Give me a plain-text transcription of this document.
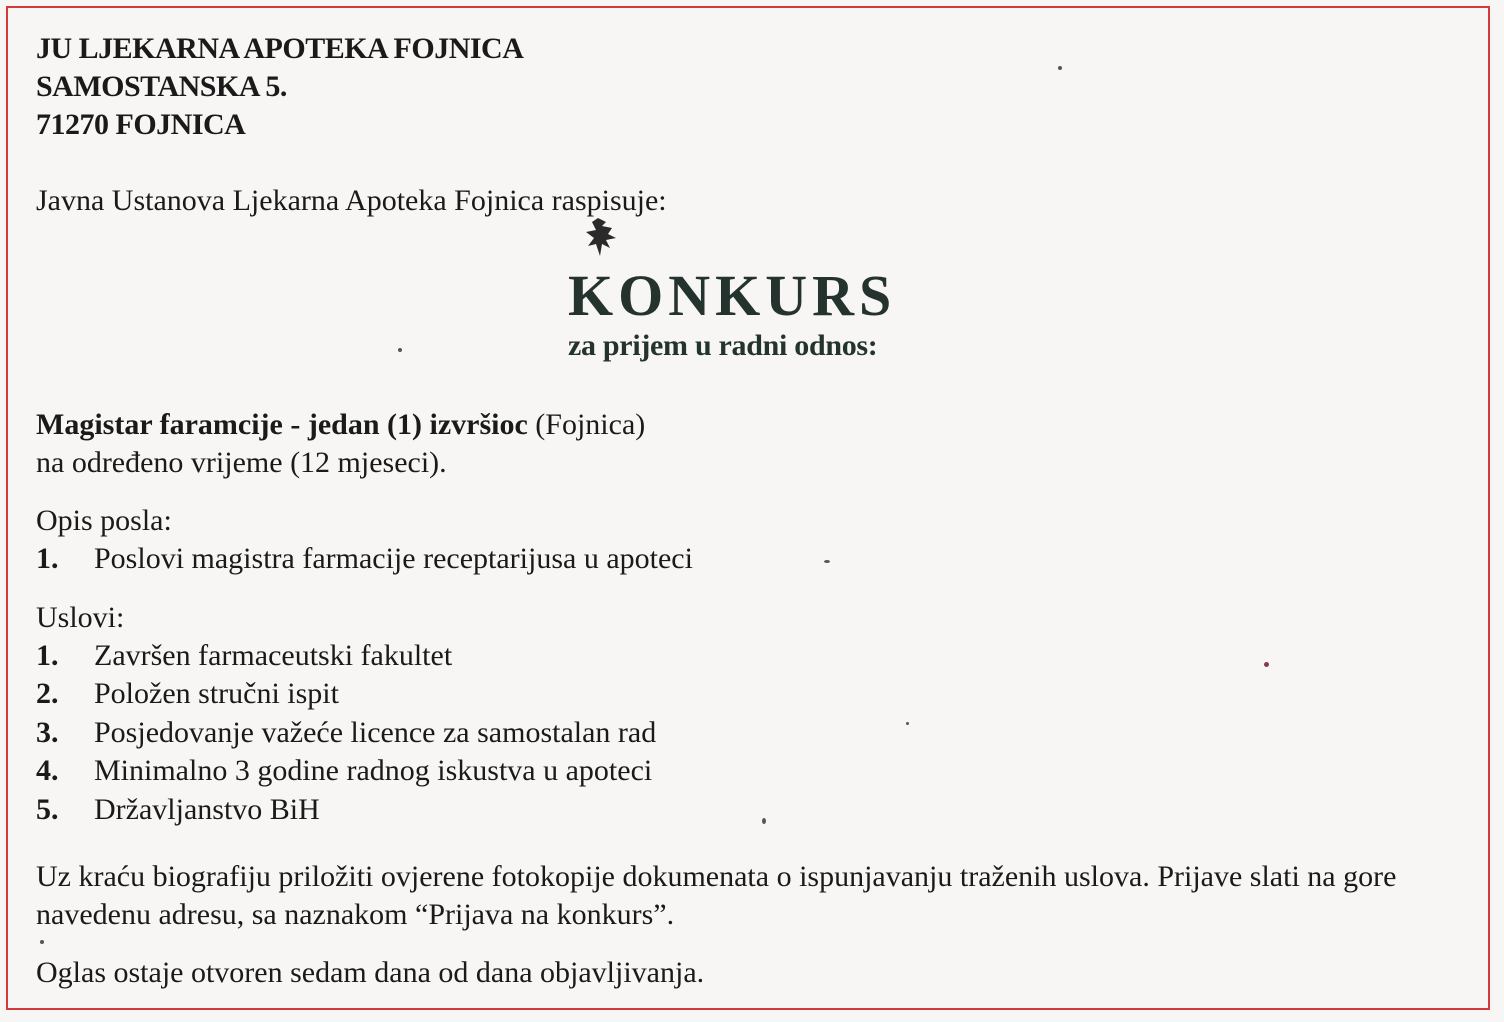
JU LJEKARNA APOTEKA FOJNICA

SAMOSTANSKA 5.

71270 FOJNICA

Javna Ustanova Ljekarna Apoteka Fojnica raspisuje:

KONKURS

za prijem u radni odnos:

Magistar faramcije - jedan (1) izvršioc (Fojnica)
na određeno vrijeme (12 mjeseci).
Opis posla:
1.	Poslovi magistra farmacije receptarijusa u apoteci
Uslovi:
1.	Završen farmaceutski fakultet
2.	Položen stručni ispit
3.	Posjedovanje važeće licence za samostalan rad
4.	Minimalno 3 godine radnog iskustva u apoteci
5.	Državljanstvo BiH
Uz kraću biografiju priložiti ovjerene fotokopije dokumenata o ispunjavanju traženih uslova. Prijave slati na gore navedenu adresu, sa naznakom “Prijava na konkurs”.
Oglas ostaje otvoren sedam dana od dana objavljivanja.
